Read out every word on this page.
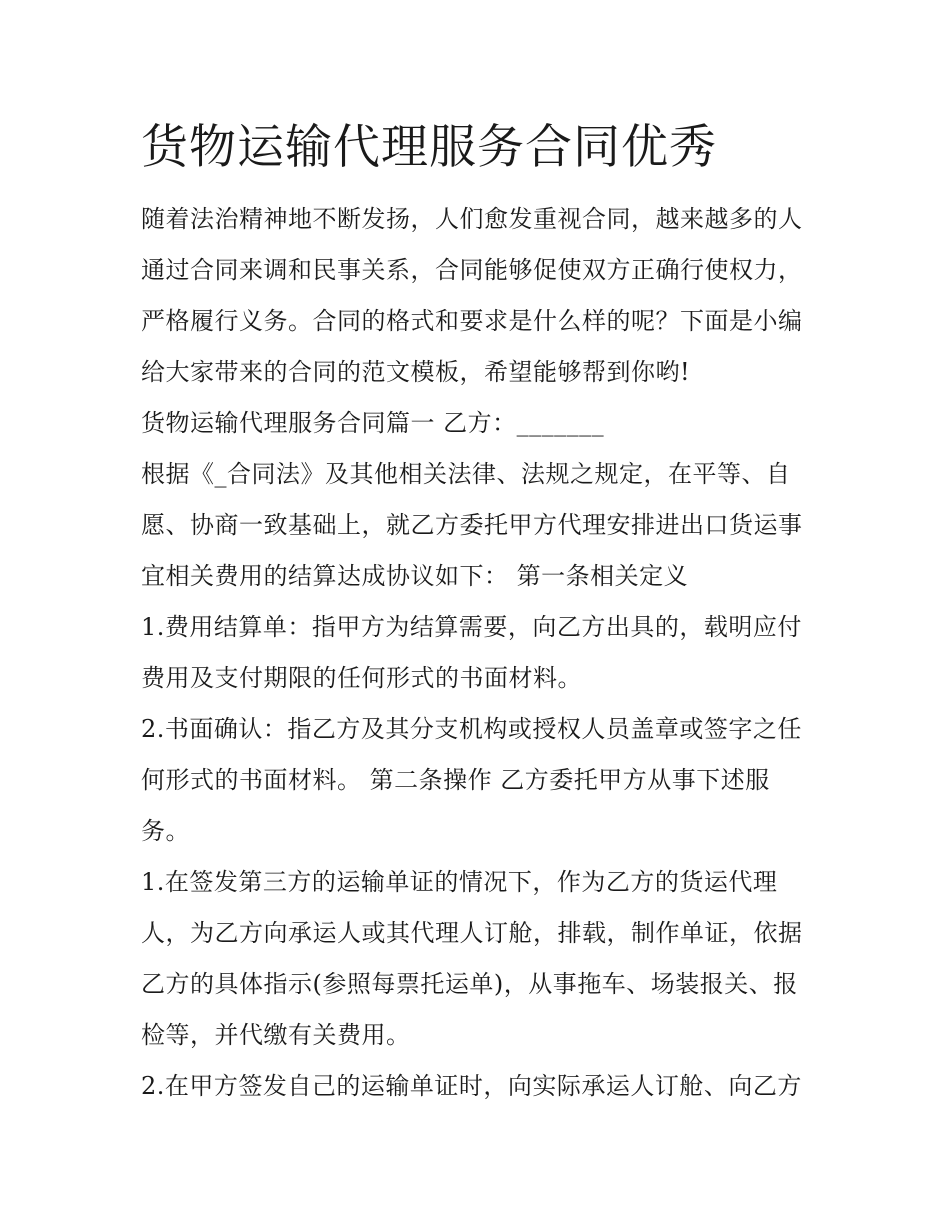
货物运输代理服务合同优秀
随着法治精神地不断发扬，人们愈发重视合同，越来越多的人
通过合同来调和民事关系，合同能够促使双方正确行使权力，
严格履行义务。合同的格式和要求是什么样的呢？下面是小编
给大家带来的合同的范文模板，希望能够帮到你哟!
货物运输代理服务合同篇一 乙方：_______
根据《_合同法》及其他相关法律、法规之规定，在平等、自
愿、协商一致基础上，就乙方委托甲方代理安排进出口货运事
宜相关费用的结算达成协议如下： 第一条相关定义
1.费用结算单：指甲方为结算需要，向乙方出具的，载明应付
费用及支付期限的任何形式的书面材料。
2.书面确认：指乙方及其分支机构或授权人员盖章或签字之任
何形式的书面材料。 第二条操作 乙方委托甲方从事下述服
务。
1.在签发第三方的运输单证的情况下，作为乙方的货运代理
人，为乙方向承运人或其代理人订舱，排载，制作单证，依据
乙方的具体指示(参照每票托运单)，从事拖车、场装报关、报
检等，并代缴有关费用。
2.在甲方签发自己的运输单证时，向实际承运人订舱、向乙方
